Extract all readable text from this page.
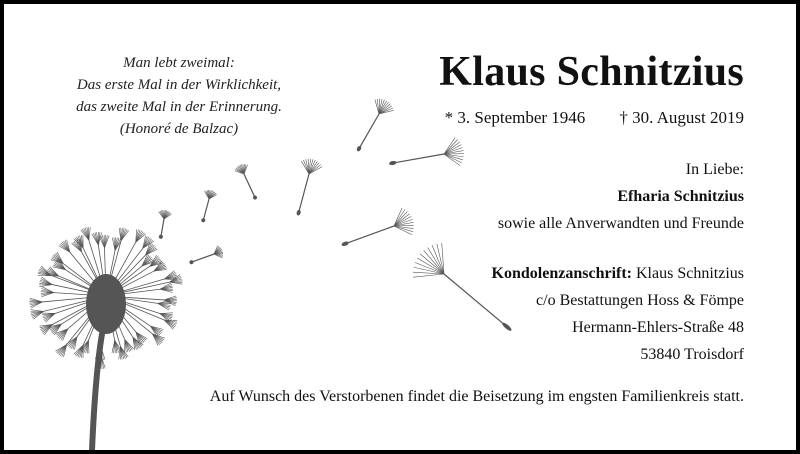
Man lebt zweimal:
Das erste Mal in der Wirklichkeit,
das zweite Mal in der Erinnerung.
(Honoré de Balzac)
Klaus Schnitzius
* 3. September 1946 † 30. August 2019
In Liebe:
Efharia Schnitzius
sowie alle Anverwandten und Freunde
Kondolenzanschrift: Klaus Schnitzius
c/o Bestattungen Hoss & Fömpe
Hermann-Ehlers-Straße 48
53840 Troisdorf
Auf Wunsch des Verstorbenen findet die Beisetzung im engsten Familienkreis statt.
